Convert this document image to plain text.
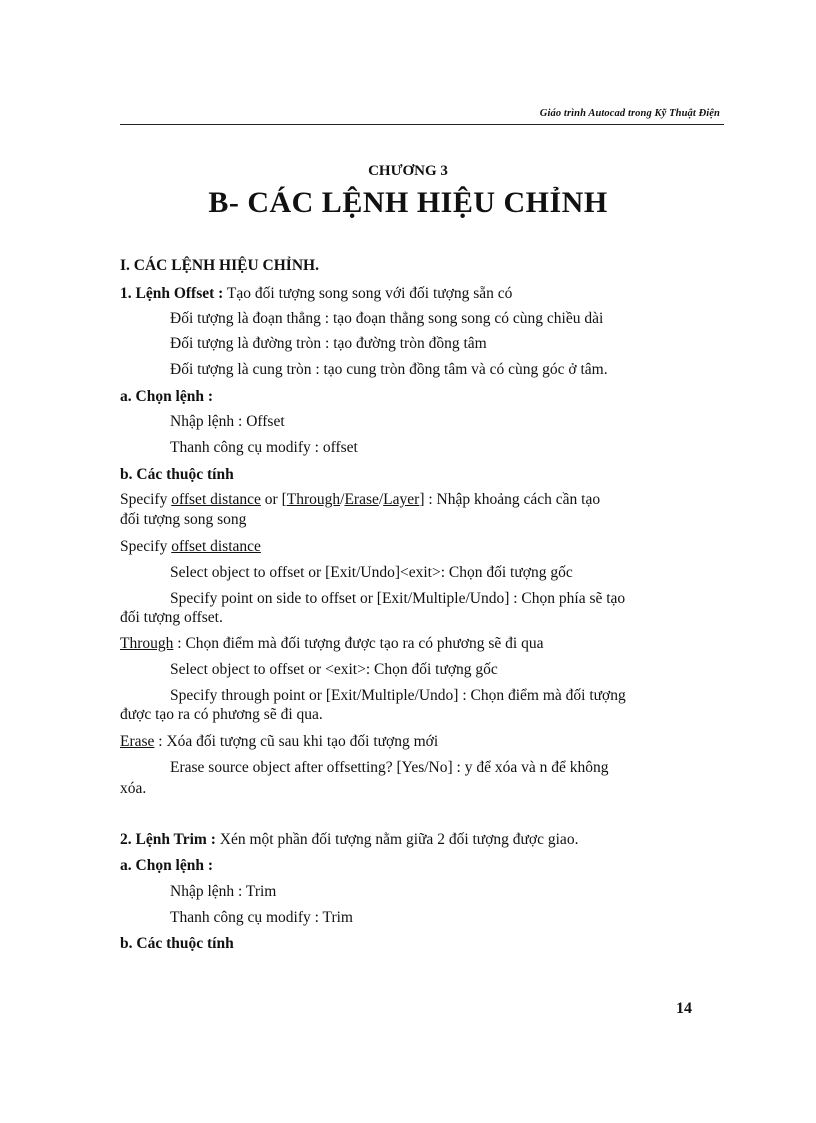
Giáo trình Autocad trong Kỹ Thuật Điện
CHƯƠNG 3
B- CÁC LỆNH HIỆU CHỈNH
I. CÁC LỆNH HIỆU CHỈNH.
1. Lệnh Offset : Tạo đối tượng song song với đối tượng sẵn có
Đối tượng là đoạn thẳng : tạo đoạn thẳng song song có cùng chiều dài
Đối tượng là đường tròn : tạo đường tròn đồng tâm
Đối tượng là cung tròn : tạo cung tròn đồng tâm và có cùng góc ở tâm.
a. Chọn lệnh :
Nhập lệnh : Offset
Thanh công cụ modify : offset
b. Các thuộc tính
Specify offset distance or [Through/Erase/Layer] : Nhập khoảng cách cần tạo
đối tượng song song
Specify offset distance
Select object to offset or [Exit/Undo]<exit>: Chọn đối tượng gốc
Specify point on side to offset or [Exit/Multiple/Undo] : Chọn phía sẽ tạo
đối tượng offset.
Through : Chọn điểm mà đối tượng được tạo ra có phương sẽ đi qua
Select object to offset or <exit>: Chọn đối tượng gốc
Specify through point or [Exit/Multiple/Undo] : Chọn điểm mà đối tượng
được tạo ra có phương sẽ đi qua.
Erase : Xóa đối tượng cũ sau khi tạo đối tượng mới
Erase source object after offsetting? [Yes/No] : y để xóa và n để không
xóa.
2. Lệnh Trim : Xén một phần đối tượng nằm giữa 2 đối tượng được giao.
a. Chọn lệnh :
Nhập lệnh : Trim
Thanh công cụ modify : Trim
b. Các thuộc tính
14
